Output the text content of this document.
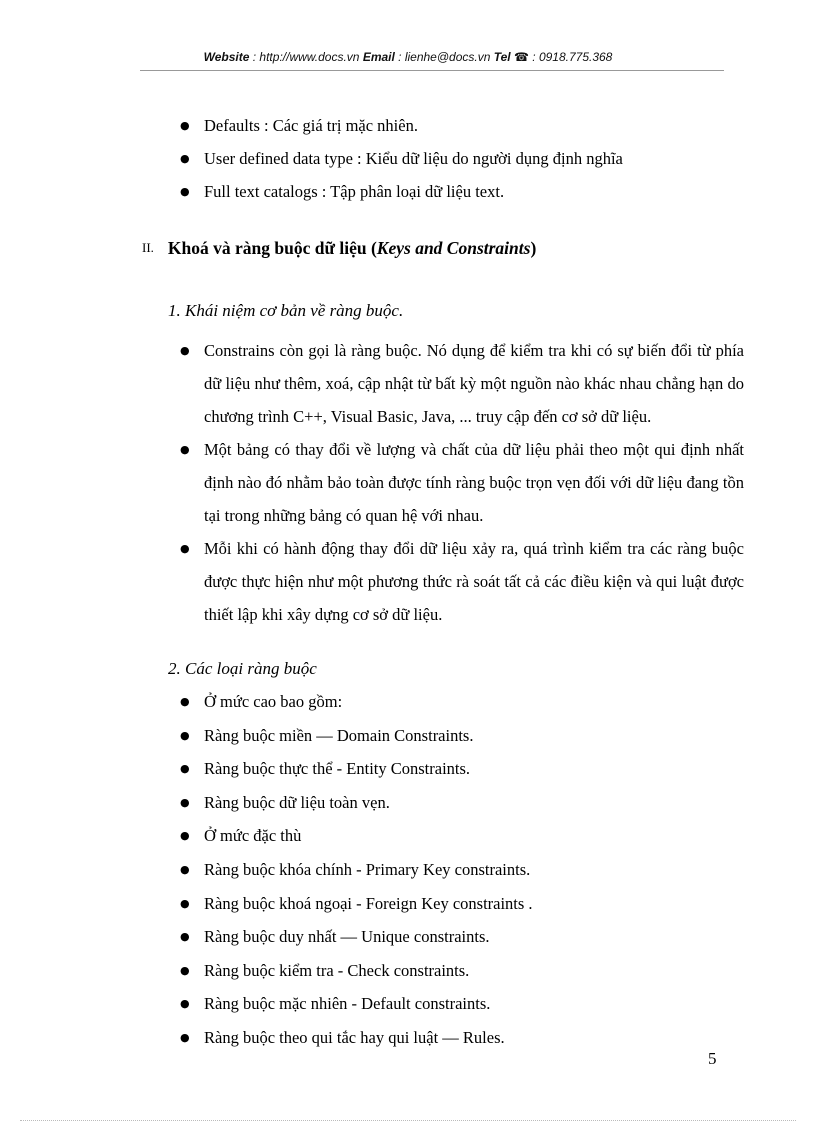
Website : http://www.docs.vn Email : lienhe@docs.vn Tel ☎ : 0918.775.368
● Defaults : Các giá trị mặc nhiên.
● User defined data type : Kiểu dữ liệu do người dụng định nghĩa
● Full text catalogs : Tập phân loại dữ liệu text.
II. Khoá và ràng buộc dữ liệu (Keys and Constraints)
1. Khái niệm cơ bản về ràng buộc.
● Constrains còn gọi là ràng buộc. Nó dụng để kiểm tra khi có sự biến đổi từ phía dữ liệu như thêm, xoá, cập nhật từ bất kỳ một nguồn nào khác nhau chẳng hạn do chương trình C++, Visual Basic, Java, ... truy cập đến cơ sở dữ liệu.
● Một bảng có thay đổi về lượng và chất của dữ liệu phải theo một qui định nhất định nào đó nhằm bảo toàn được tính ràng buộc trọn vẹn đối với dữ liệu đang tồn tại trong những bảng có quan hệ với nhau.
● Mỗi khi có hành động thay đổi dữ liệu xảy ra, quá trình kiểm tra các ràng buộc được thực hiện như một phương thức rà soát tất cả các điều kiện và qui luật được thiết lập khi xây dựng cơ sở dữ liệu.
2. Các loại ràng buộc
● Ở mức cao bao gồm:
● Ràng buộc miền — Domain Constraints.
● Ràng buộc thực thể - Entity Constraints.
● Ràng buộc dữ liệu toàn vẹn.
● Ở mức đặc thù
● Ràng buộc khóa chính - Primary Key constraints.
● Ràng buộc khoá ngoại - Foreign Key constraints .
● Ràng buộc duy nhất — Unique constraints.
● Ràng buộc kiểm tra - Check constraints.
● Ràng buộc mặc nhiên - Default constraints.
● Ràng buộc theo qui tắc hay qui luật — Rules.
5
